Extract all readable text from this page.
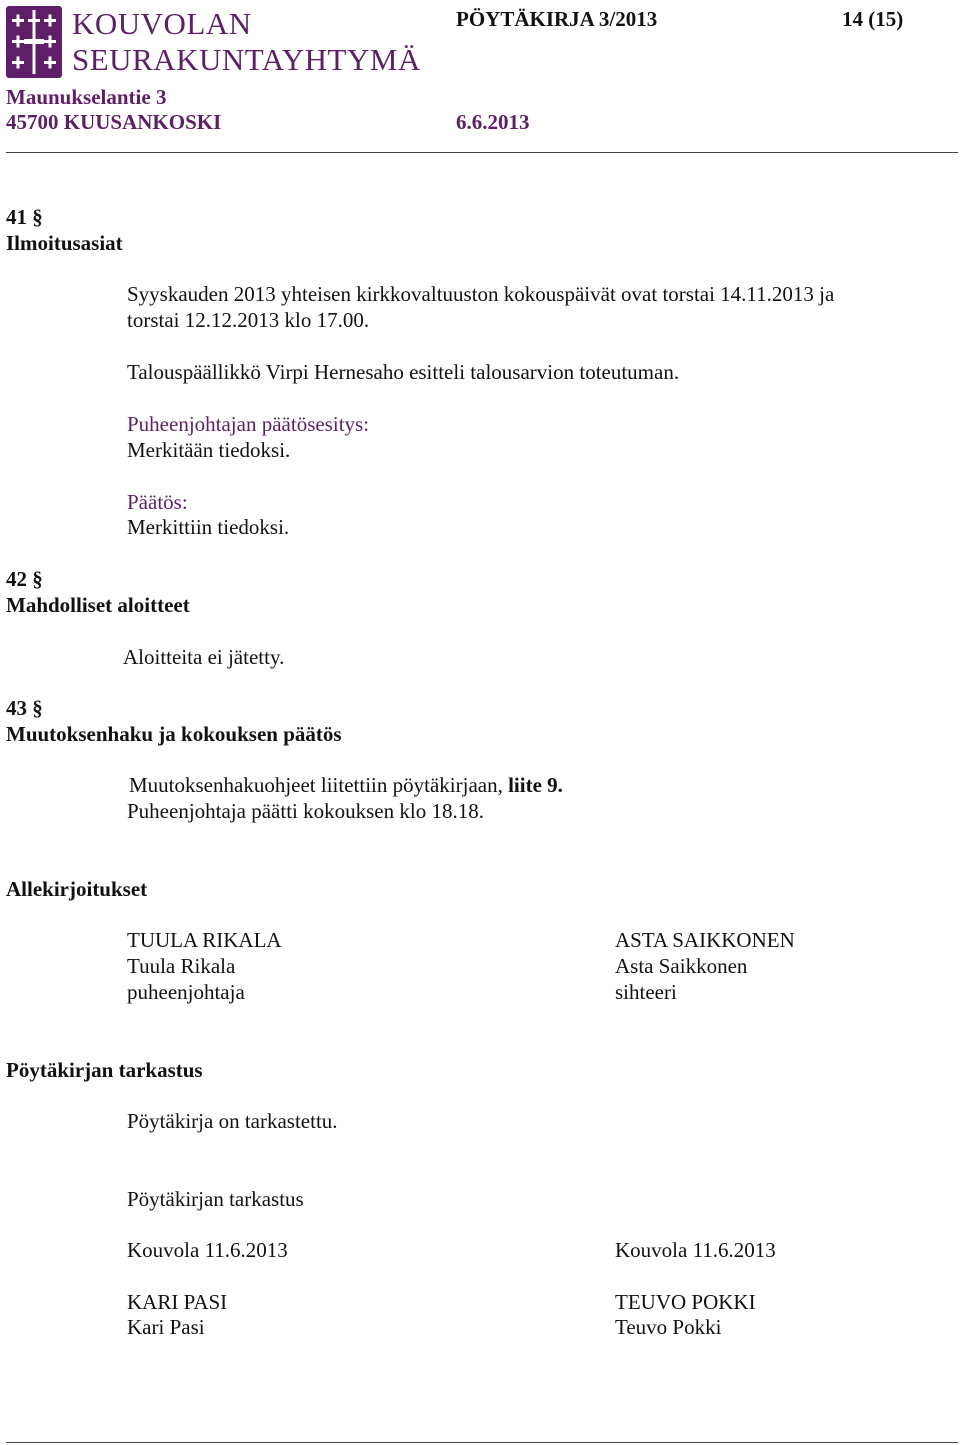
KOUVOLAN
SEURAKUNTAYHTYMÄ
PÖYTÄKIRJA 3/2013	14 (15)
Maunukselantie 3
45700 KUUSANKOSKI	6.6.2013
41 §
Ilmoitusasiat
Syyskauden 2013 yhteisen kirkkovaltuuston kokouspäivät ovat torstai 14.11.2013 ja
torstai 12.12.2013 klo 17.00.
Talouspäällikkö Virpi Hernesaho esitteli talousarvion toteutuman.
Puheenjohtajan päätösesitys:
Merkitään tiedoksi.
Päätös:
Merkittiin tiedoksi.
42 §
Mahdolliset aloitteet
Aloitteita ei jätetty.
43 §
Muutoksenhaku ja kokouksen päätös
Muutoksenhakuohjeet liitettiin pöytäkirjaan, liite 9.
Puheenjohtaja päätti kokouksen klo 18.18.
Allekirjoitukset
TUULA RIKALA
Tuula Rikala
puheenjohtaja
ASTA SAIKKONEN
Asta Saikkonen
sihteeri
Pöytäkirjan tarkastus
Pöytäkirja on tarkastettu.
Pöytäkirjan tarkastus
Kouvola 11.6.2013
KARI PASI
Kari Pasi
Kouvola 11.6.2013
TEUVO POKKI
Teuvo Pokki
